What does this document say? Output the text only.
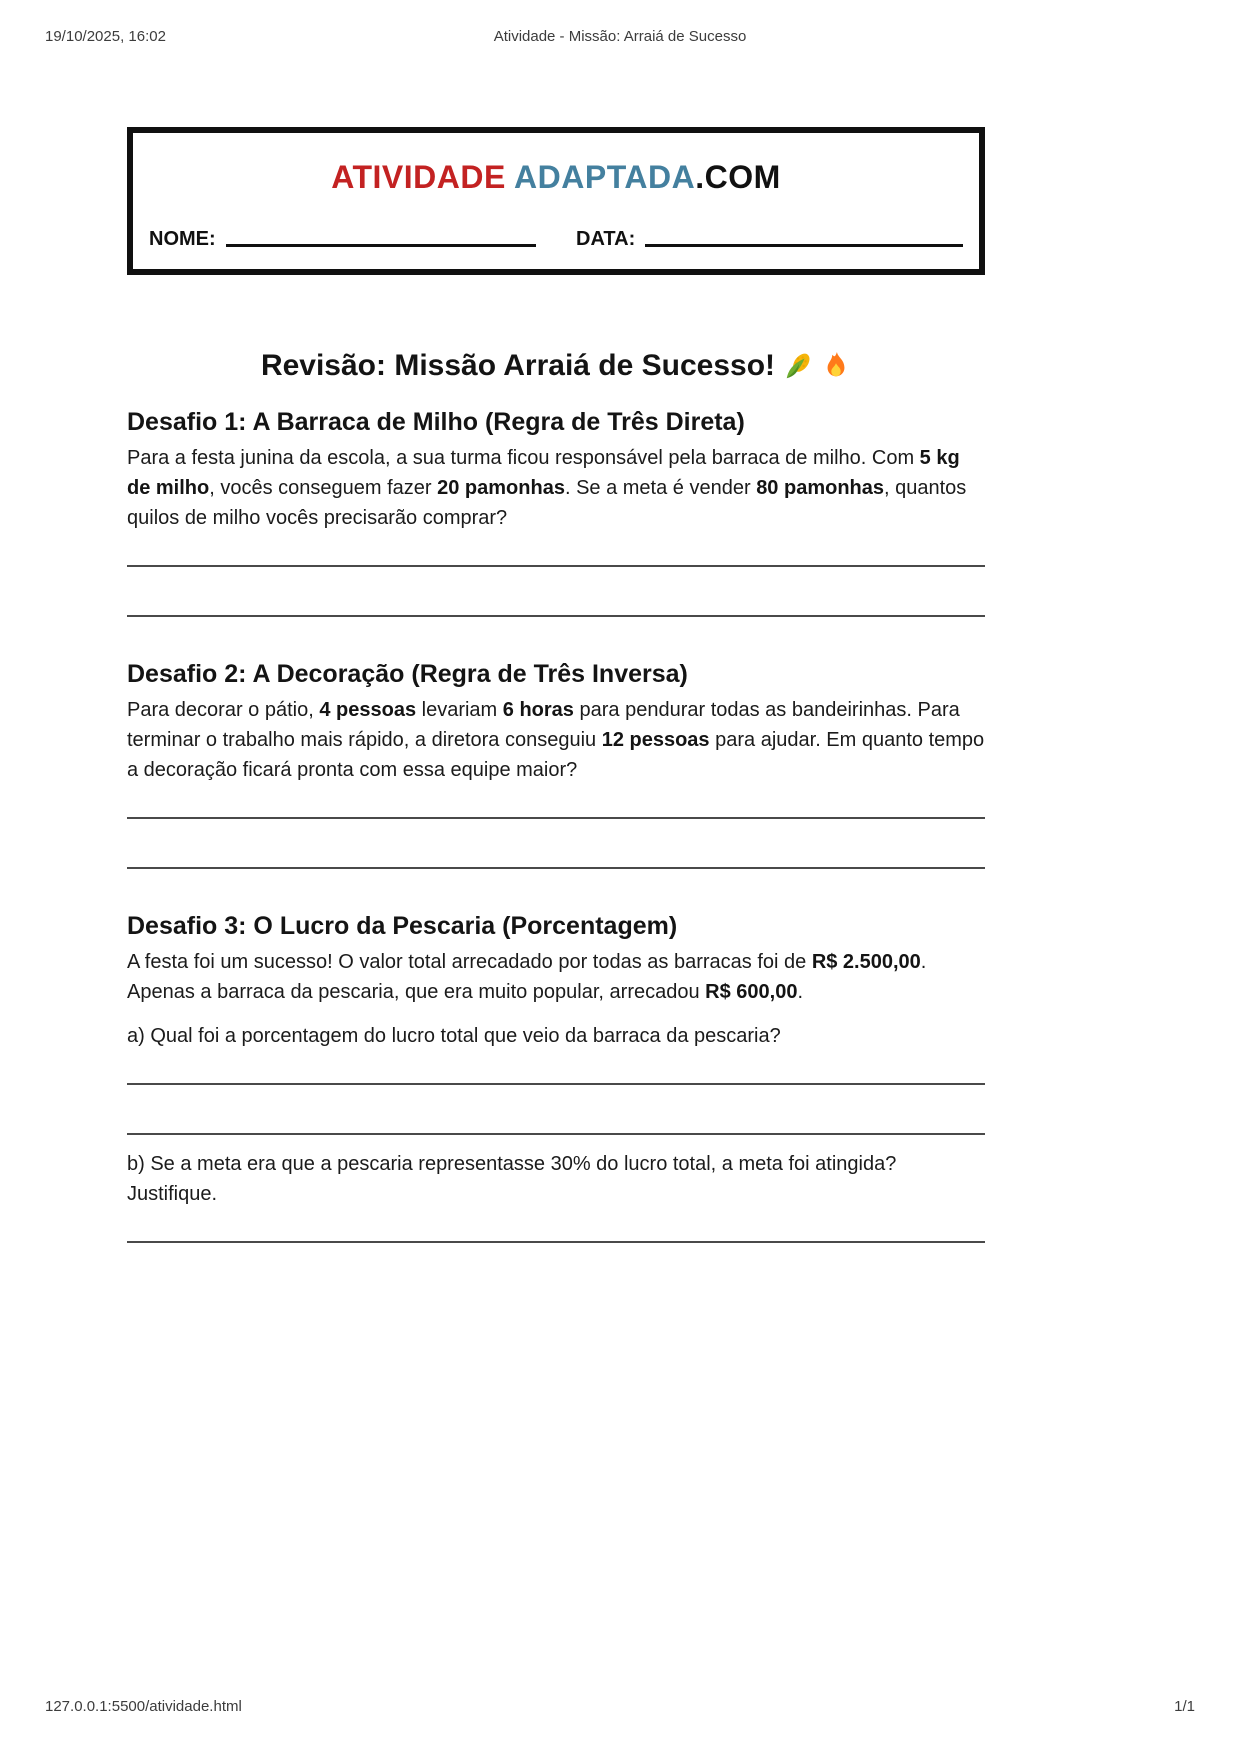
19/10/2025, 16:02	Atividade - Missão: Arraiá de Sucesso
ATIVIDADE ADAPTADA.COM
NOME:	DATA:
Revisão: Missão Arraiá de Sucesso!
Desafio 1: A Barraca de Milho (Regra de Três Direta)

Para a festa junina da escola, a sua turma ficou responsável pela barraca de milho. Com 5 kg de milho, vocês conseguem fazer 20 pamonhas. Se a meta é vender 80 pamonhas, quantos quilos de milho vocês precisarão comprar?

Desafio 2: A Decoração (Regra de Três Inversa)

Para decorar o pátio, 4 pessoas levariam 6 horas para pendurar todas as bandeirinhas. Para terminar o trabalho mais rápido, a diretora conseguiu 12 pessoas para ajudar. Em quanto tempo a decoração ficará pronta com essa equipe maior?

Desafio 3: O Lucro da Pescaria (Porcentagem)

A festa foi um sucesso! O valor total arrecadado por todas as barracas foi de R$ 2.500,00. Apenas a barraca da pescaria, que era muito popular, arrecadou R$ 600,00.

a) Qual foi a porcentagem do lucro total que veio da barraca da pescaria?

b) Se a meta era que a pescaria representasse 30% do lucro total, a meta foi atingida? Justifique.

127.0.0.1:5500/atividade.html	1/1
